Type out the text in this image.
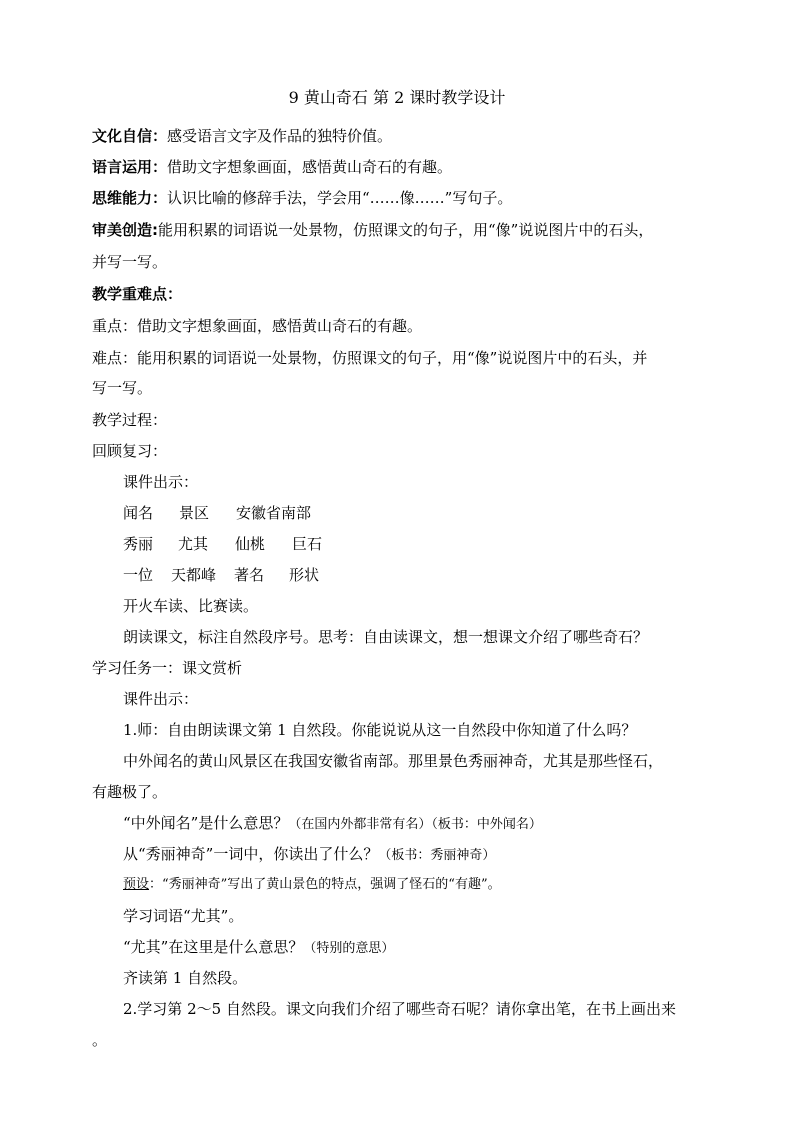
9 黄山奇石 第 2 课时教学设计
文化自信：感受语言文字及作品的独特价值。
语言运用：借助文字想象画面，感悟黄山奇石的有趣。
思维能力：认识比喻的修辞手法，学会用“……像……”写句子。
审美创造:能用积累的词语说一处景物，仿照课文的句子，用“像”说说图片中的石头，
并写一写。
教学重难点：
重点：借助文字想象画面，感悟黄山奇石的有趣。
难点：能用积累的词语说一处景物，仿照课文的句子，用“像”说说图片中的石头，并
写一写。
教学过程：
回顾复习：
课件出示：
闻名 景区 安徽省南部
秀丽 尤其 仙桃 巨石
一位 天都峰 著名 形状
开火车读、比赛读。
朗读课文，标注自然段序号。思考：自由读课文，想一想课文介绍了哪些奇石？
学习任务一：课文赏析
课件出示：
1.师：自由朗读课文第 1 自然段。你能说说从这一自然段中你知道了什么吗？
中外闻名的黄山风景区在我国安徽省南部。那里景色秀丽神奇，尤其是那些怪石，
有趣极了。
“中外闻名”是什么意思？（在国内外都非常有名）（板书：中外闻名）
从“秀丽神奇”一词中，你读出了什么？（板书：秀丽神奇）
预设：“秀丽神奇”写出了黄山景色的特点，强调了怪石的“有趣”。
学习词语“尤其”。
“尤其”在这里是什么意思？（特别的意思）
齐读第 1 自然段。
2.学习第 2～5 自然段。课文向我们介绍了哪些奇石呢？请你拿出笔，在书上画出来
。
